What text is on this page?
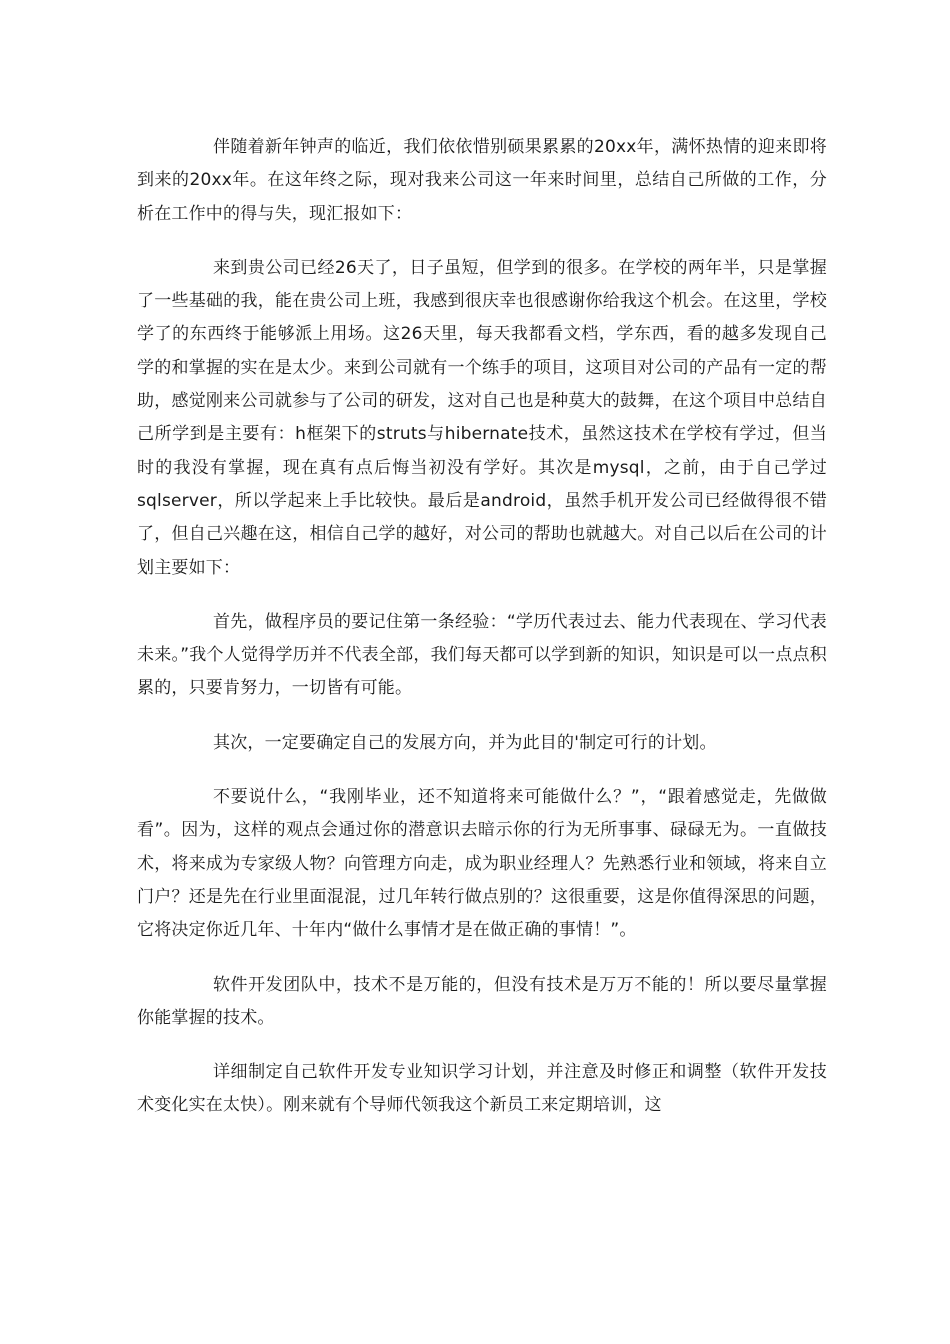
伴随着新年钟声的临近，我们依依惜别硕果累累的20xx年，满怀热情的迎来即将到来的20xx年。在这年终之际，现对我来公司这一年来时间里，总结自己所做的工作，分析在工作中的得与失，现汇报如下：

来到贵公司已经26天了，日子虽短，但学到的很多。在学校的两年半，只是掌握了一些基础的我，能在贵公司上班，我感到很庆幸也很感谢你给我这个机会。在这里，学校学了的东西终于能够派上用场。这26天里，每天我都看文档，学东西，看的越多发现自己学的和掌握的实在是太少。来到公司就有一个练手的项目，这项目对公司的产品有一定的帮助，感觉刚来公司就参与了公司的研发，这对自己也是种莫大的鼓舞，在这个项目中总结自己所学到是主要有：h框架下的struts与hibernate技术，虽然这技术在学校有学过，但当时的我没有掌握，现在真有点后悔当初没有学好。其次是mysql，之前，由于自己学过sqlserver，所以学起来上手比较快。最后是android，虽然手机开发公司已经做得很不错了，但自己兴趣在这，相信自己学的越好，对公司的帮助也就越大。对自己以后在公司的计划主要如下：

首先，做程序员的要记住第一条经验：“学历代表过去、能力代表现在、学习代表未来。”我个人觉得学历并不代表全部，我们每天都可以学到新的知识，知识是可以一点点积累的，只要肯努力，一切皆有可能。

其次，一定要确定自己的发展方向，并为此目的'制定可行的计划。

不要说什么，“我刚毕业，还不知道将来可能做什么？”，“跟着感觉走，先做做看”。因为，这样的观点会通过你的潜意识去暗示你的行为无所事事、碌碌无为。一直做技术，将来成为专家级人物？向管理方向走，成为职业经理人？先熟悉行业和领域，将来自立门户？还是先在行业里面混混，过几年转行做点别的？这很重要，这是你值得深思的问题，它将决定你近几年、十年内“做什么事情才是在做正确的事情！”。

软件开发团队中，技术不是万能的，但没有技术是万万不能的！所以要尽量掌握你能掌握的技术。

详细制定自己软件开发专业知识学习计划，并注意及时修正和调整（软件开发技术变化实在太快）。刚来就有个导师代领我这个新员工来定期培训，这
